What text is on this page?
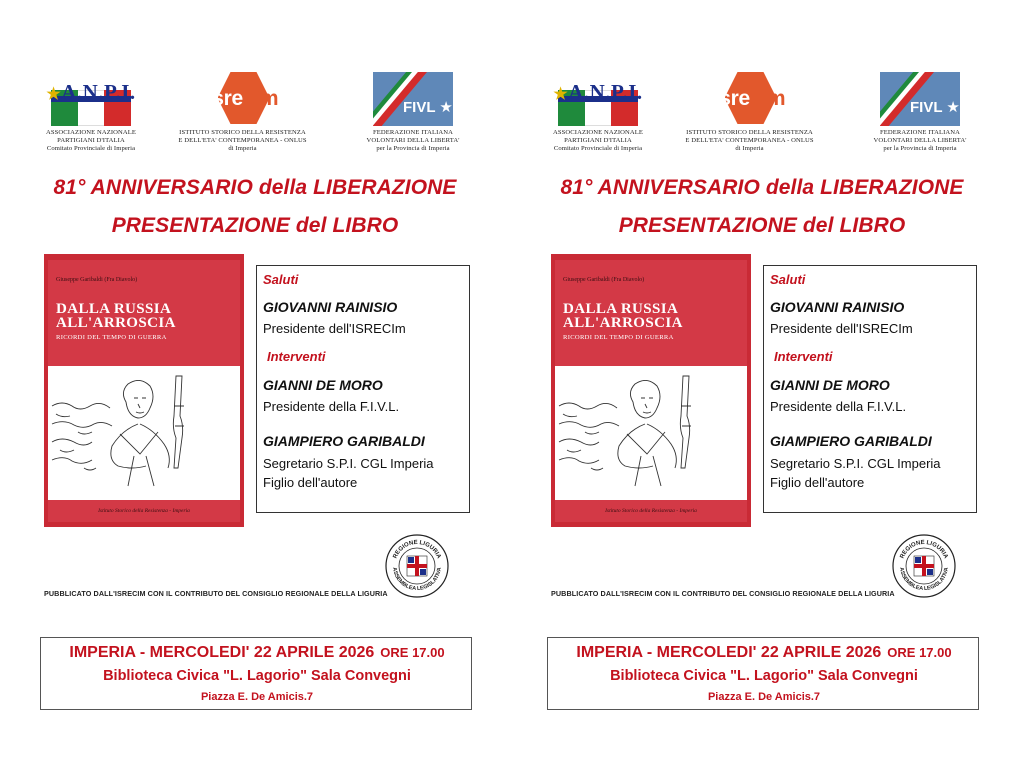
★A.N.P.I.
ASSOCIAZIONE NAZIONALE
PARTIGIANI D'ITALIA
Comitato Provinciale di Imperia
Isrecim
ISTITUTO STORICO DELLA RESISTENZA
E DELL'ETA' CONTEMPORANEA - ONLUS
di Imperia
FIVL ★
FEDERAZIONE ITALIANA
VOLONTARI DELLA LIBERTA'
per la Provincia di Imperia
81° ANNIVERSARIO della LIBERAZIONE
PRESENTAZIONE del LIBRO
Giuseppe Garibaldi (Fra Diavolo)
DALLA RUSSIA
ALL'ARROSCIA
RICORDI DEL TEMPO DI GUERRA
Istituto Storico della Resistenza - Imperia
Saluti
GIOVANNI RAINISIO
Presidente dell'ISRECIm
Interventi
GIANNI DE MORO
Presidente della F.I.V.L.
GIAMPIERO GARIBALDI
Segretario S.P.I. CGL Imperia
Figlio dell'autore
REGIONE LIGURIA
ASSEMBLEA LEGISLATIVA
PUBBLICATO DALL'ISRECIM CON IL CONTRIBUTO DEL CONSIGLIO REGIONALE DELLA LIGURIA
IMPERIA - MERCOLEDI' 22 APRILE 2026 ORE 17.00
Biblioteca Civica "L. Lagorio" Sala Convegni
Piazza E. De Amicis.7
★A.N.P.I.
ASSOCIAZIONE NAZIONALE
PARTIGIANI D'ITALIA
Comitato Provinciale di Imperia
Isrecim
ISTITUTO STORICO DELLA RESISTENZA
E DELL'ETA' CONTEMPORANEA - ONLUS
di Imperia
FIVL ★
FEDERAZIONE ITALIANA
VOLONTARI DELLA LIBERTA'
per la Provincia di Imperia
81° ANNIVERSARIO della LIBERAZIONE
PRESENTAZIONE del LIBRO
Giuseppe Garibaldi (Fra Diavolo)
DALLA RUSSIA
ALL'ARROSCIA
RICORDI DEL TEMPO DI GUERRA
Istituto Storico della Resistenza - Imperia
Saluti
GIOVANNI RAINISIO
Presidente dell'ISRECIm
Interventi
GIANNI DE MORO
Presidente della F.I.V.L.
GIAMPIERO GARIBALDI
Segretario S.P.I. CGL Imperia
Figlio dell'autore
REGIONE LIGURIA
ASSEMBLEA LEGISLATIVA
PUBBLICATO DALL'ISRECIM CON IL CONTRIBUTO DEL CONSIGLIO REGIONALE DELLA LIGURIA
IMPERIA - MERCOLEDI' 22 APRILE 2026 ORE 17.00
Biblioteca Civica "L. Lagorio" Sala Convegni
Piazza E. De Amicis.7
